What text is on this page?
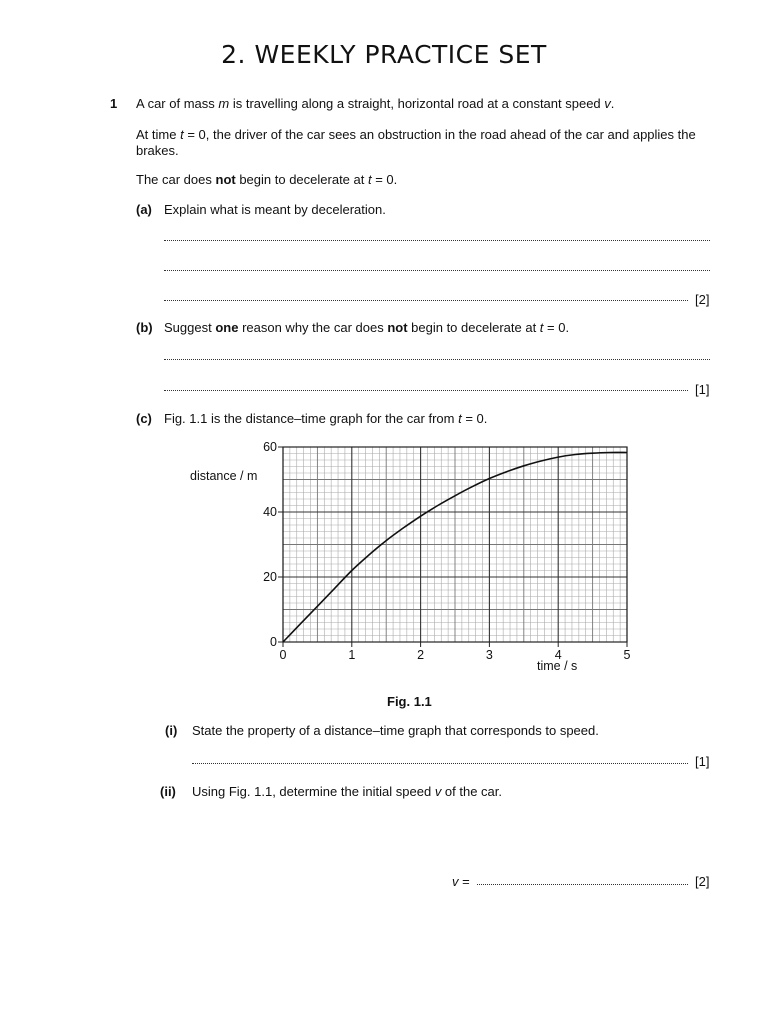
2. WEEKLY PRACTICE SET
1 A car of mass m is travelling along a straight, horizontal road at a constant speed v.
At time t = 0, the driver of the car sees an obstruction in the road ahead of the car and applies the
brakes.
The car does not begin to decelerate at t = 0.
(a) Explain what is meant by deceleration.
[2]
(b) Suggest one reason why the car does not begin to decelerate at t = 0.
[1]
(c) Fig. 1.1 is the distance–time graph for the car from t = 0.
0	1	2	3	4	5
0
20
40
60
distance / m
time / s
Fig. 1.1
(i) State the property of a distance–time graph that corresponds to speed.
[1]
(ii) Using Fig. 1.1, determine the initial speed v of the car.
v =	[2]
